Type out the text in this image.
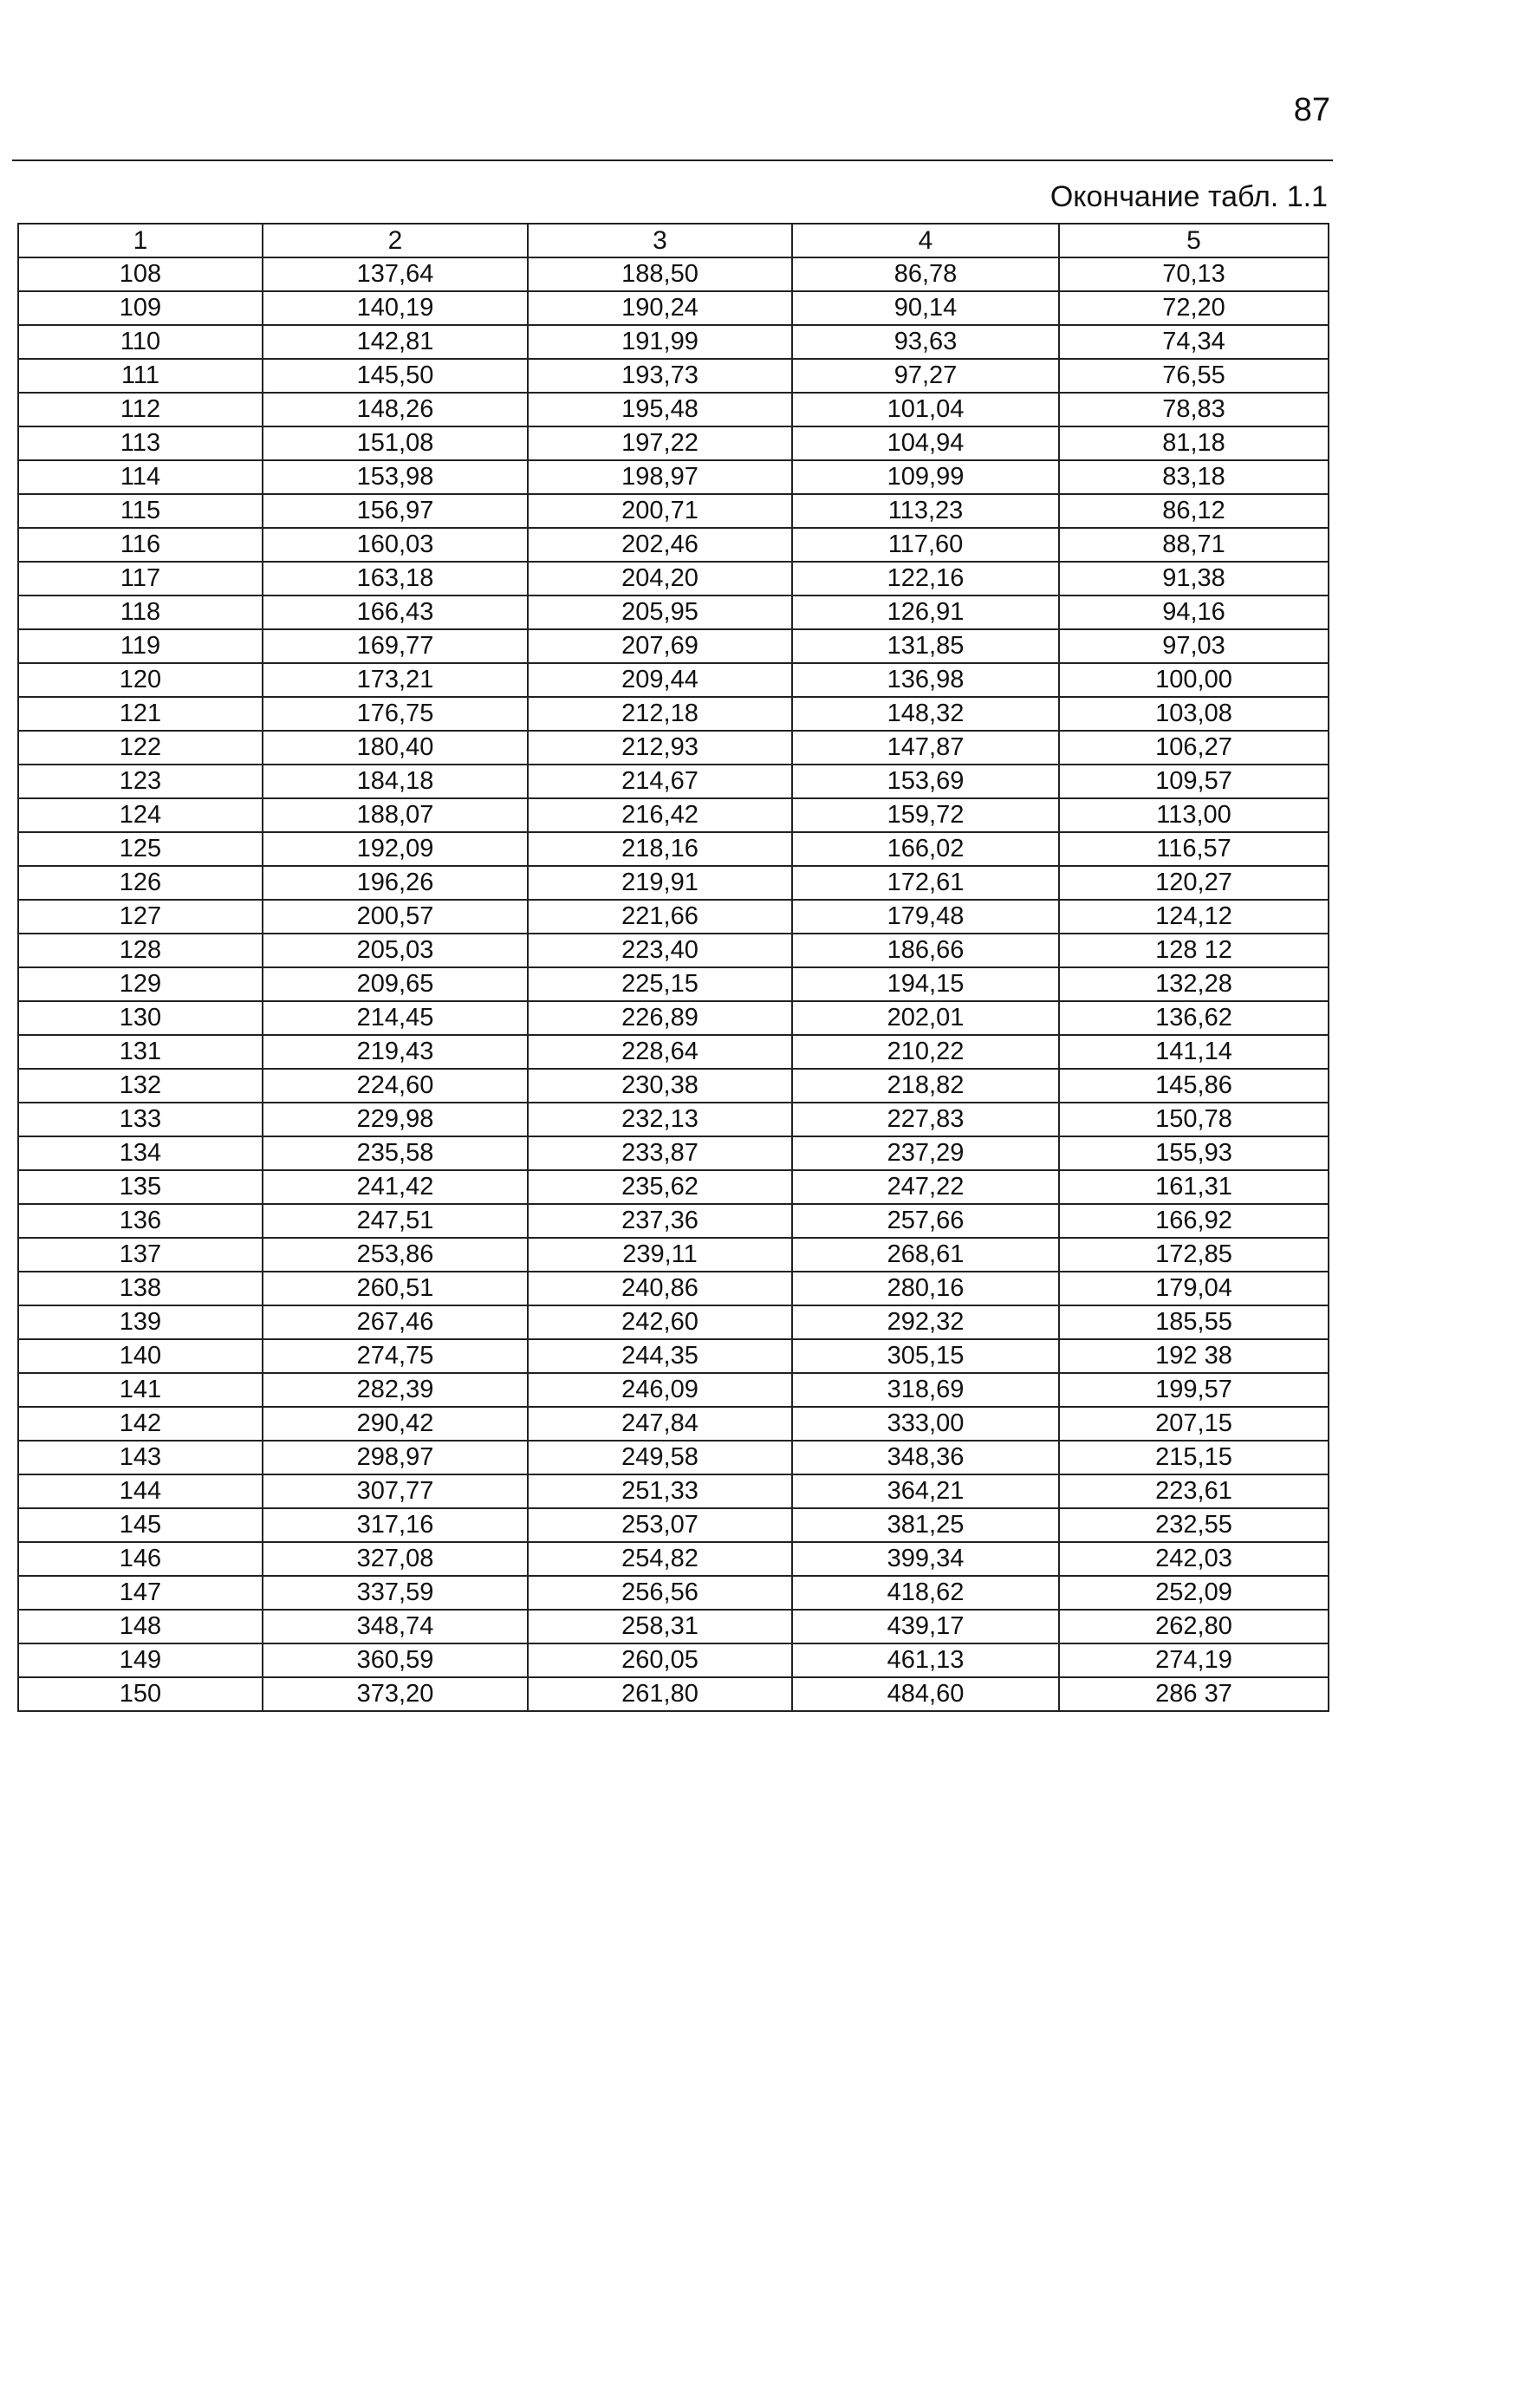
87
Окончание табл. 1.1
1	2	3	4	5
108	137,64	188,50	86,78	70,13
109	140,19	190,24	90,14	72,20
110	142,81	191,99	93,63	74,34
111	145,50	193,73	97,27	76,55
112	148,26	195,48	101,04	78,83
113	151,08	197,22	104,94	81,18
114	153,98	198,97	109,99	83,18
115	156,97	200,71	113,23	86,12
116	160,03	202,46	117,60	88,71
117	163,18	204,20	122,16	91,38
118	166,43	205,95	126,91	94,16
119	169,77	207,69	131,85	97,03
120	173,21	209,44	136,98	100,00
121	176,75	212,18	148,32	103,08
122	180,40	212,93	147,87	106,27
123	184,18	214,67	153,69	109,57
124	188,07	216,42	159,72	113,00
125	192,09	218,16	166,02	116,57
126	196,26	219,91	172,61	120,27
127	200,57	221,66	179,48	124,12
128	205,03	223,40	186,66	128 12
129	209,65	225,15	194,15	132,28
130	214,45	226,89	202,01	136,62
131	219,43	228,64	210,22	141,14
132	224,60	230,38	218,82	145,86
133	229,98	232,13	227,83	150,78
134	235,58	233,87	237,29	155,93
135	241,42	235,62	247,22	161,31
136	247,51	237,36	257,66	166,92
137	253,86	239,11	268,61	172,85
138	260,51	240,86	280,16	179,04
139	267,46	242,60	292,32	185,55
140	274,75	244,35	305,15	192 38
141	282,39	246,09	318,69	199,57
142	290,42	247,84	333,00	207,15
143	298,97	249,58	348,36	215,15
144	307,77	251,33	364,21	223,61
145	317,16	253,07	381,25	232,55
146	327,08	254,82	399,34	242,03
147	337,59	256,56	418,62	252,09
148	348,74	258,31	439,17	262,80
149	360,59	260,05	461,13	274,19
150	373,20	261,80	484,60	286 37
